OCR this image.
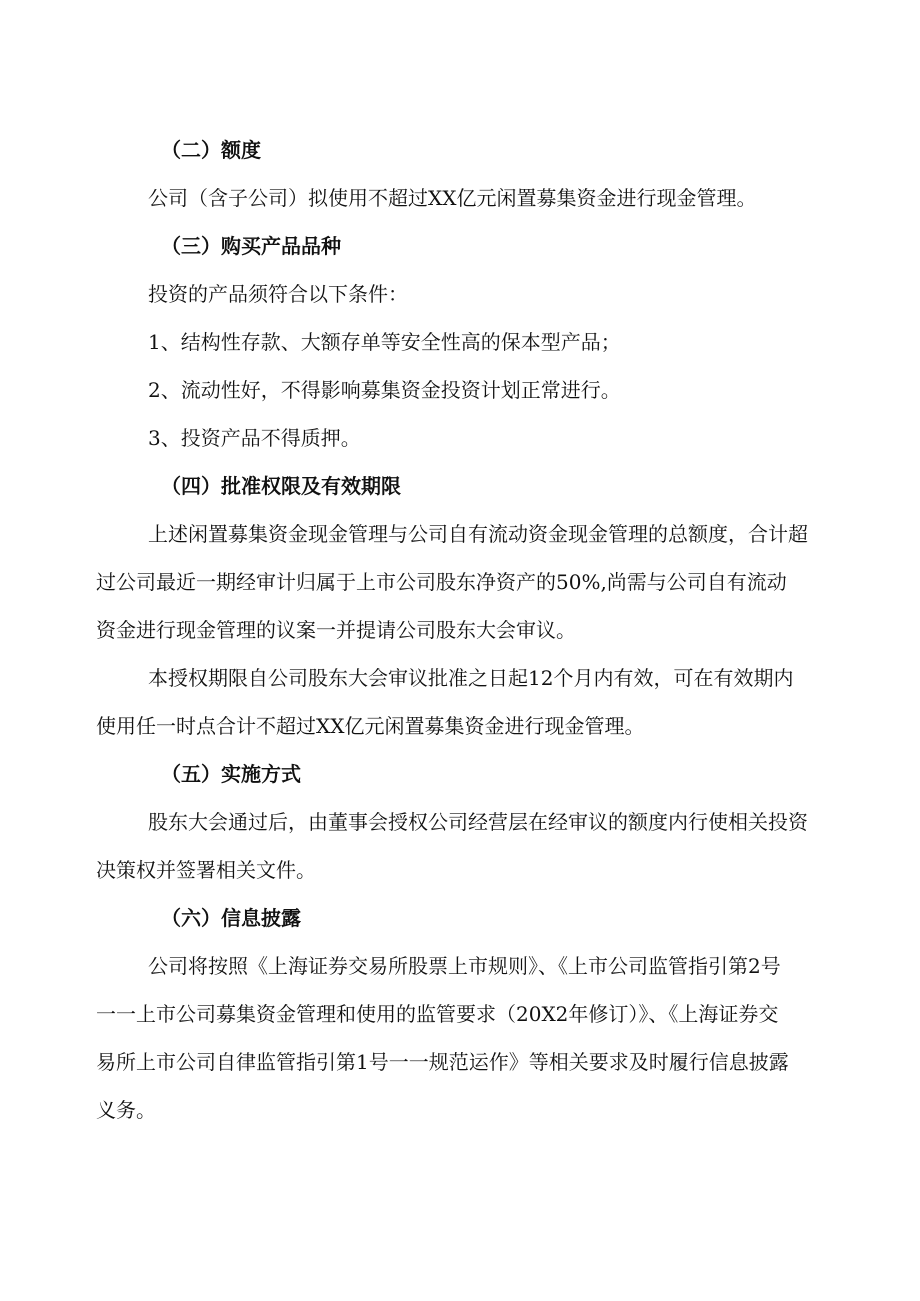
（二）额度
公司（含子公司）拟使用不超过XX亿元闲置募集资金进行现金管理。
（三）购买产品品种
投资的产品须符合以下条件：
1、结构性存款、大额存单等安全性高的保本型产品；
2、流动性好，不得影响募集资金投资计划正常进行。
3、投资产品不得质押。
（四）批准权限及有效期限
上述闲置募集资金现金管理与公司自有流动资金现金管理的总额度，合计超
过公司最近一期经审计归属于上市公司股东净资产的50%,尚需与公司自有流动
资金进行现金管理的议案一并提请公司股东大会审议。
本授权期限自公司股东大会审议批准之日起12个月内有效，可在有效期内
使用任一时点合计不超过XX亿元闲置募集资金进行现金管理。
（五）实施方式
股东大会通过后，由董事会授权公司经营层在经审议的额度内行使相关投资
决策权并签署相关文件。
（六）信息披露
公司将按照《上海证券交易所股票上市规则》、《上市公司监管指引第2号
一一上市公司募集资金管理和使用的监管要求（20X2年修订）》、《上海证券交
易所上市公司自律监管指引第1号一一规范运作》等相关要求及时履行信息披露
义务。
